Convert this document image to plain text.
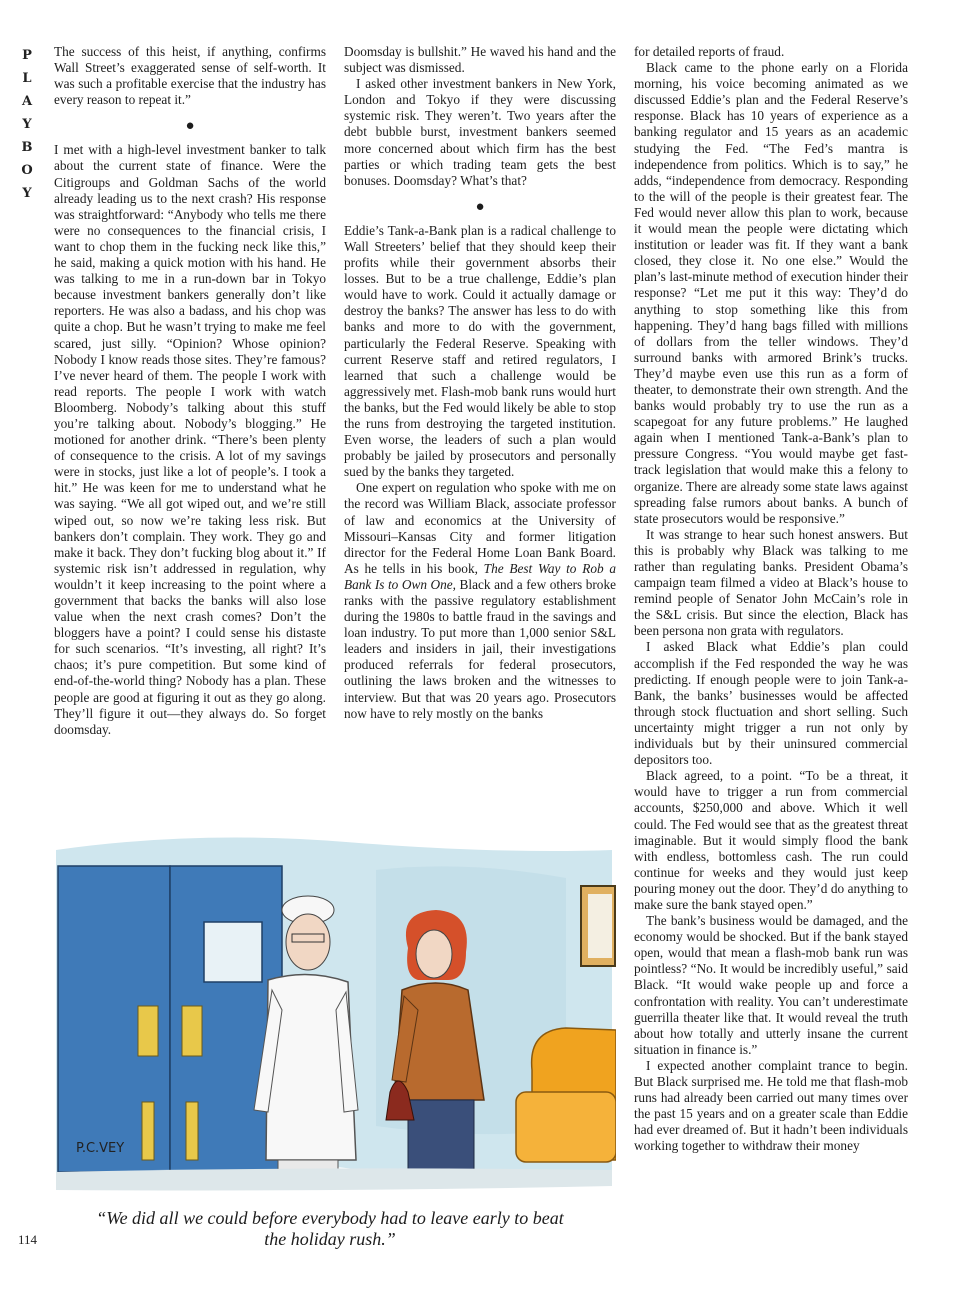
P
L
A
Y
B
O
Y

The success of this heist, if anything, confirms Wall Street’s exaggerated sense of self-worth. It was such a profitable exercise that the industry has every reason to repeat it.”

●

I met with a high-level investment banker to talk about the current state of finance. Were the Citigroups and Goldman Sachs of the world already leading us to the next crash? His response was straightforward: “Anybody who tells me there were no consequences to the financial crisis, I want to chop them in the fucking neck like this,” he said, making a quick motion with his hand. He was talking to me in a run-down bar in Tokyo because investment bankers generally don’t like reporters. He was also a badass, and his chop was quite a chop. But he wasn’t trying to make me feel scared, just silly. “Opinion? Whose opinion? Nobody I know reads those sites. They’re famous? I’ve never heard of them. The people I work with read reports. The people I work with watch Bloomberg. Nobody’s talking about this stuff you’re talking about. Nobody’s blogging.” He motioned for another drink. “There’s been plenty of consequence to the crisis. A lot of my savings were in stocks, just like a lot of people’s. I took a hit.” He was keen for me to understand what he was saying. “We all got wiped out, and we’re still wiped out, so now we’re taking less risk. But bankers don’t complain. They work. They go and make it back. They don’t fucking blog about it.” If systemic risk isn’t addressed in regulation, why wouldn’t it keep increasing to the point where a government that backs the banks will also lose value when the next crash comes? Don’t the bloggers have a point? I could sense his distaste for such scenarios. “It’s investing, all right? It’s chaos; it’s pure competition. But some kind of end-of-the-world thing? Nobody has a plan. These people are good at figuring it out as they go along. They’ll figure it out—they always do. So forget doomsday.

Doomsday is bullshit.” He waved his hand and the subject was dismissed.

I asked other investment bankers in New York, London and Tokyo if they were discussing systemic risk. They weren’t. Two years after the debt bubble burst, investment bankers seemed more concerned about which firm has the best parties or which trading team gets the best bonuses. Doomsday? What’s that?

●

Eddie’s Tank-a-Bank plan is a radical challenge to Wall Streeters’ belief that they should keep their profits while their government absorbs their losses. But to be a true challenge, Eddie’s plan would have to work. Could it actually damage or destroy the banks? The answer has less to do with banks and more to do with the government, particularly the Federal Reserve. Speaking with current Reserve staff and retired regulators, I learned that such a challenge would be aggressively met. Flash-mob bank runs would hurt the banks, but the Fed would likely be able to stop the runs from destroying the targeted institution. Even worse, the leaders of such a plan would probably be jailed by prosecutors and personally sued by the banks they targeted.

One expert on regulation who spoke with me on the record was William Black, associate professor of law and economics at the University of Missouri–Kansas City and former litigation director for the Federal Home Loan Bank Board. As he tells in his book, The Best Way to Rob a Bank Is to Own One, Black and a few others broke ranks with the passive regulatory establishment during the 1980s to battle fraud in the savings and loan industry. To put more than 1,000 senior S&L leaders and insiders in jail, their investigations produced referrals for federal prosecutors, outlining the laws broken and the witnesses to interview. But that was 20 years ago. Prosecutors now have to rely mostly on the banks

for detailed reports of fraud.

Black came to the phone early on a Florida morning, his voice becoming animated as we discussed Eddie’s plan and the Federal Reserve’s response. Black has 10 years of experience as a banking regulator and 15 years as an academic studying the Fed. “The Fed’s mantra is independence from politics. Which is to say,” he adds, “independence from democracy. Responding to the will of the people is their greatest fear. The Fed would never allow this plan to work, because it would mean the people were dictating which institution or leader was fit. If they want a bank closed, they close it. No one else.” Would the plan’s last-minute method of execution hinder their response? “Let me put it this way: They’d do anything to stop something like this from happening. They’d hang bags filled with millions of dollars from the teller windows. They’d surround banks with armored Brink’s trucks. They’d maybe even use this run as a form of theater, to demonstrate their own strength. And the banks would probably try to use the run as a scapegoat for any future problems.” He laughed again when I mentioned Tank-a-Bank’s plan to pressure Congress. “You would maybe get fast-track legislation that would make this a felony to organize. There are already some state laws against spreading false rumors about banks. A bunch of state prosecutors would be responsive.”

It was strange to hear such honest answers. But this is probably why Black was talking to me rather than regulating banks. President Obama’s campaign team filmed a video at Black’s house to remind people of Senator John McCain’s role in the S&L crisis. But since the election, Black has been persona non grata with regulators.

I asked Black what Eddie’s plan could accomplish if the Fed responded the way he was predicting. If enough people were to join Tank-a-Bank, the banks’ businesses would be affected through stock fluctuation and short selling. Such uncertainty might trigger a run not only by individuals but by their uninsured commercial depositors too.

Black agreed, to a point. “To be a threat, it would have to trigger a run from commercial accounts, $250,000 and above. Which it well could. The Fed would see that as the greatest threat imaginable. But it would simply flood the bank with endless, bottomless cash. The run could continue for weeks and they would just keep pouring money out the door. They’d do anything to make sure the bank stayed open.”

The bank’s business would be damaged, and the economy would be shocked. But if the bank stayed open, would that mean a flash-mob bank run was pointless? “No. It would be incredibly useful,” said Black. “It would wake people up and force a confrontation with reality. You can’t underestimate guerrilla theater like that. It would reveal the truth about how totally and utterly insane the current situation in finance is.”

I expected another complaint trance to begin. But Black surprised me. He told me that flash-mob runs had already been carried out many times over the past 15 years and on a greater scale than Eddie had ever dreamed of. But it hadn’t been individuals working together to withdraw their money

P.C.VEY
“We did all we could before everybody had to leave early to beat the holiday rush.”
114
